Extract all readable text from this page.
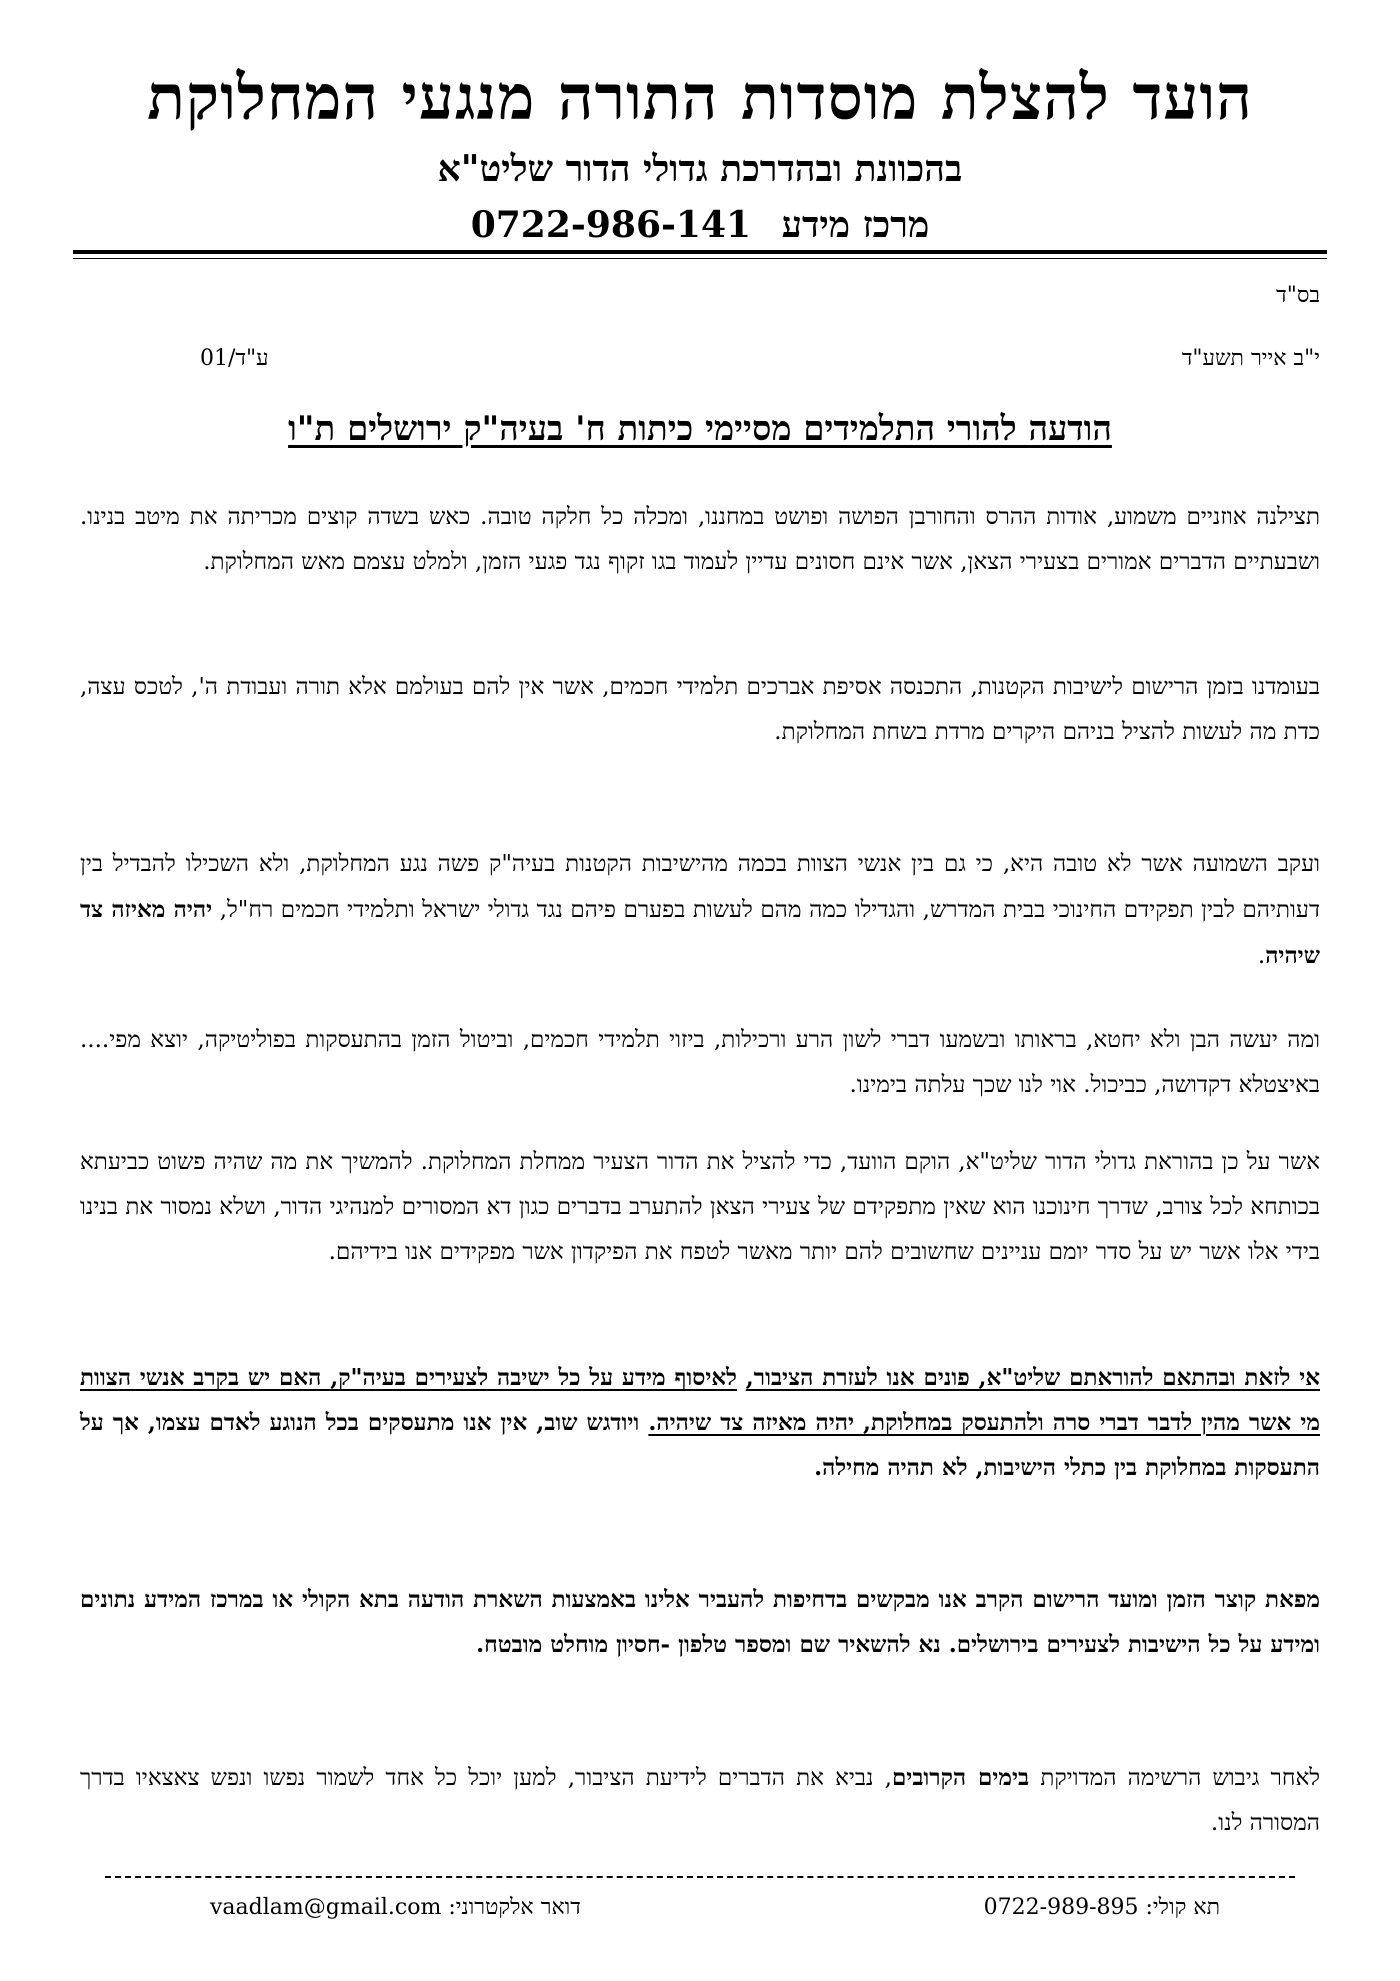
הועד להצלת מוסדות התורה מנגעי המחלוקת
בהכוונת ובהדרכת גדולי הדור שליט"א
מרכז מידע 0722-986-141
בס"ד
י"ב אייר תשע"ד
01/ע"ד
הודעה להורי התלמידים מסיימי כיתות ח' בעיה"ק ירושלים ת"ו

תצילנה אוזניים משמוע, אודות ההרס והחורבן הפושה ופושט במחננו, ומכלה כל חלקה טובה. כאש בשדה קוצים מכריתה את מיטב בנינו. ושבעתיים הדברים אמורים בצעירי הצאן, אשר אינם חסונים עדיין לעמוד בגו זקוף נגד פגעי הזמן, ולמלט עצמם מאש המחלוקת.

בעומדנו בזמן הרישום לישיבות הקטנות, התכנסה אסיפת אברכים תלמידי חכמים, אשר אין להם בעולמם אלא תורה ועבודת ה', לטכס עצה, כדת מה לעשות להציל בניהם היקרים מרדת בשחת המחלוקת.

ועקב השמועה אשר לא טובה היא, כי גם בין אנשי הצוות בכמה מהישיבות הקטנות בעיה"ק פשה נגע המחלוקת, ולא השכילו להבדיל בין דעותיהם לבין תפקידם החינוכי בבית המדרש, והגדילו כמה מהם לעשות בפערם פיהם נגד גדולי ישראל ותלמידי חכמים רח"ל, יהיה מאיזה צד שיהיה.

ומה יעשה הבן ולא יחטא, בראותו ובשמעו דברי לשון הרע ורכילות, ביזוי תלמידי חכמים, וביטול הזמן בהתעסקות בפוליטיקה, יוצא מפי.... באיצטלא דקדושה, כביכול. אוי לנו שכך עלתה בימינו.

אשר על כן בהוראת גדולי הדור שליט"א, הוקם הוועד, כדי להציל את הדור הצעיר ממחלת המחלוקת. להמשיך את מה שהיה פשוט כביעתא בכותחא לכל צורב, שדרך חינוכנו הוא שאין מתפקידם של צעירי הצאן להתערב בדברים כגון דא המסורים למנהיגי הדור, ושלא נמסור את בנינו בידי אלו אשר יש על סדר יומם עניינים שחשובים להם יותר מאשר לטפח את הפיקדון אשר מפקידים אנו בידיהם.

אי לזאת ובהתאם להוראתם שליט"א, פונים אנו לעזרת הציבור, לאיסוף מידע על כל ישיבה לצעירים בעיה"ק, האם יש בקרב אנשי הצוות מי אשר מהין לדבר דברי סרה ולהתעסק במחלוקת, יהיה מאיזה צד שיהיה. ויודגש שוב, אין אנו מתעסקים בכל הנוגע לאדם עצמו, אך על התעסקות במחלוקת בין כתלי הישיבות, לא תהיה מחילה.

מפאת קוצר הזמן ומועד הרישום הקרב אנו מבקשים בדחיפות להעביר אלינו באמצעות השארת הודעה בתא הקולי או במרכז המידע נתונים ומידע על כל הישיבות לצעירים בירושלים. נא להשאיר שם ומספר טלפון -חסיון מוחלט מובטח.

לאחר גיבוש הרשימה המדויקת בימים הקרובים, נביא את הדברים לידיעת הציבור, למען יוכל כל אחד לשמור נפשו ונפש צאצאיו בדרך המסורה לנו.

תא קולי: 0722-989-895
דואר אלקטרוני: vaadlam@gmail.com
